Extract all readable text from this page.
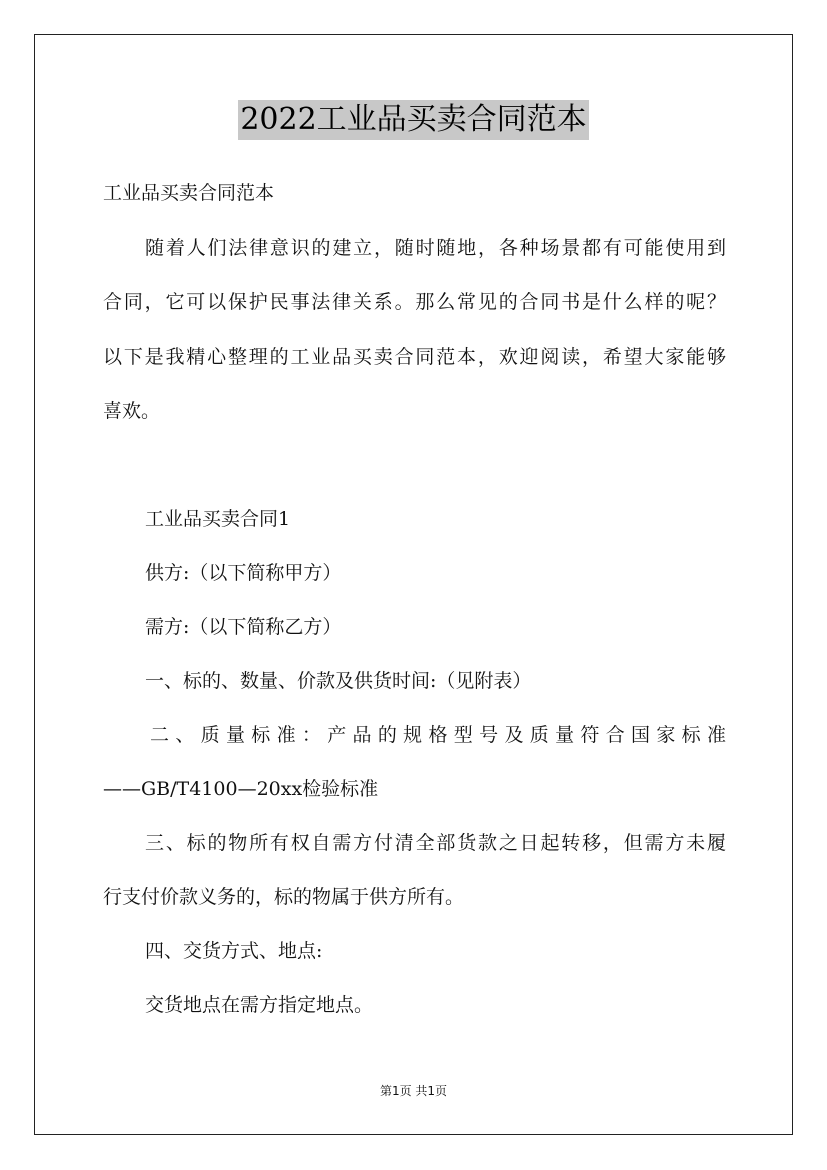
2022工业品买卖合同范本
工业品买卖合同范本
随着人们法律意识的建立，随时随地，各种场景都有可能使用到
合同，它可以保护民事法律关系。那么常见的合同书是什么样的呢？
以下是我精心整理的工业品买卖合同范本，欢迎阅读，希望大家能够
喜欢。
工业品买卖合同1
供方:（以下简称甲方）
需方:（以下简称乙方）
一、标的、数量、价款及供货时间:（见附表）
二、质量标准：产品的规格型号及质量符合国家标准
——GB/T4100—20xx检验标准
三、标的物所有权自需方付清全部货款之日起转移，但需方未履
行支付价款义务的，标的物属于供方所有。
四、交货方式、地点:
交货地点在需方指定地点。
第1页 共1页
